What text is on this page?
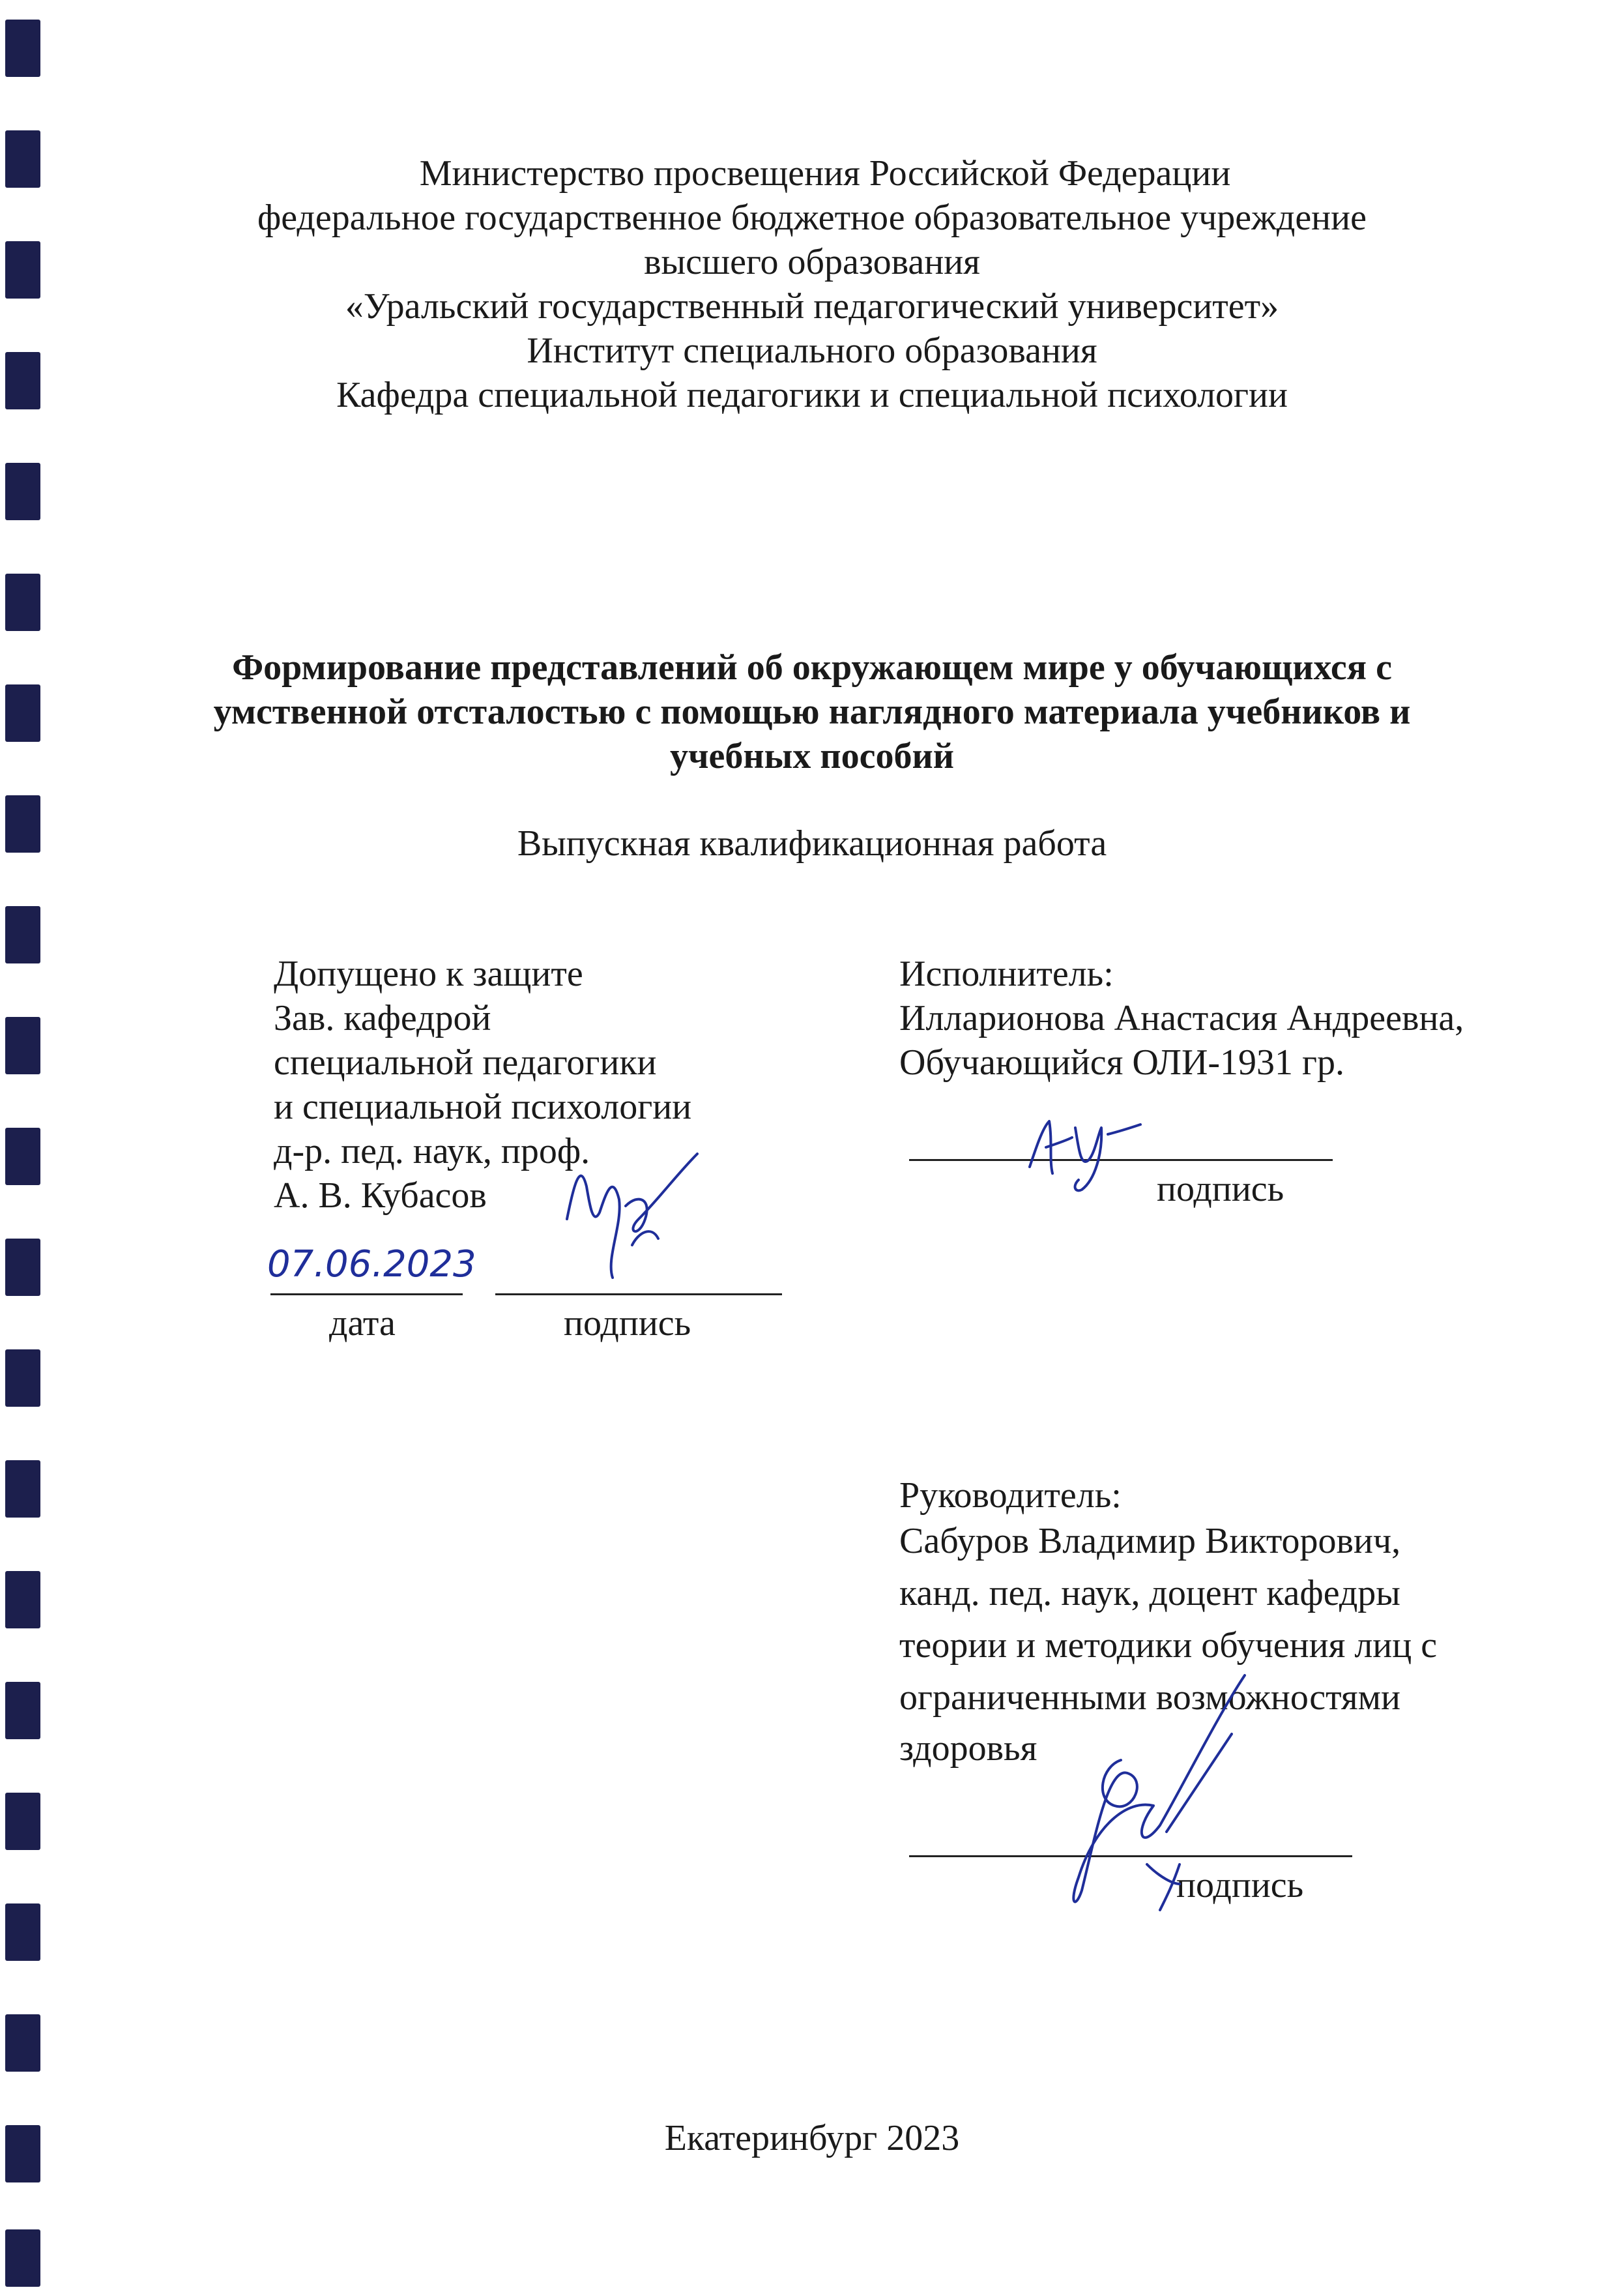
Министерство просвещения Российской Федерации
федеральное государственное бюджетное образовательное учреждение
высшего образования
«Уральский государственный педагогический университет»
Институт специального образования
Кафедра специальной педагогики и специальной психологии
Формирование представлений об окружающем мире у обучающихся с
умственной отсталостью с помощью наглядного материала учебников и
учебных пособий
Выпускная квалификационная работа
Допущено к защите
Зав. кафедрой
специальной педагогики
и специальной психологии
д-р. пед. наук, проф.
А. В. Кубасов
07.06.2023
дата	подпись
Исполнитель:
Илларионова Анастасия Андреевна,
Обучающийся ОЛИ-1931 гр.
подпись
Руководитель:
Сабуров Владимир Викторович,
канд. пед. наук, доцент кафедры
теории и методики обучения лиц с
ограниченными возможностями
здоровья
подпись
Екатеринбург 2023
